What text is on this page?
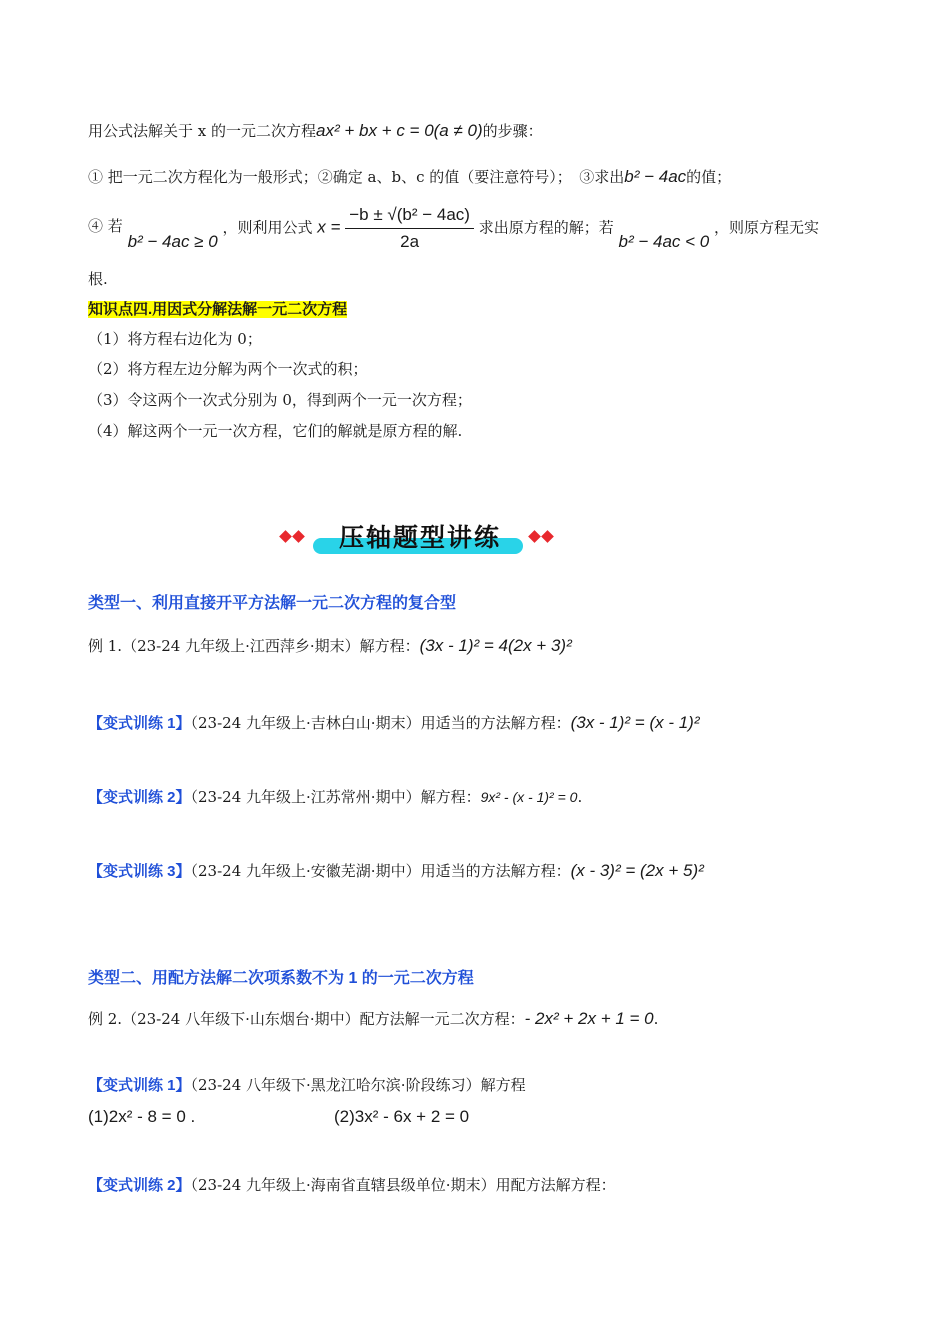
用公式法解关于 x 的一元二次方程ax² + bx + c = 0(a ≠ 0)的步骤：
① 把一元二次方程化为一般形式；②确定 a、b、c 的值（要注意符号）；　③求出b² − 4ac的值；
④ 若 b² − 4ac ≥ 0 ，则利用公式 $x = \frac{\text{−b ± √(b² − 4ac)}}{2a}$ 求出原方程的解；若 b² − 4ac < 0 ，则原方程无实
根.
知识点四.用因式分解法解一元二次方程
（1）将方程右边化为 0；
（2）将方程左边分解为两个一次式的积；
（3）令这两个一次式分别为 0，得到两个一元一次方程；
（4）解这两个一元一次方程，它们的解就是原方程的解.
压轴题型讲练
类型一、利用直接开平方法解一元二次方程的复合型
例 1.（23-24 九年级上·江西萍乡·期末）解方程：(3x - 1)² = 4(2x + 3)²
【变式训练 1】（23-24 九年级上·吉林白山·期末）用适当的方法解方程：(3x - 1)² = (x - 1)²
【变式训练 2】（23-24 九年级上·江苏常州·期中）解方程：9x² - (x - 1)² = 0.
【变式训练 3】（23-24 九年级上·安徽芜湖·期中）用适当的方法解方程：(x - 3)² = (2x + 5)²
类型二、用配方法解二次项系数不为 1 的一元二次方程
例 2.（23-24 八年级下·山东烟台·期中）配方法解一元二次方程：- 2x² + 2x + 1 = 0.
【变式训练 1】（23-24 八年级下·黑龙江哈尔滨·阶段练习）解方程
(1)2x² - 8 = 0 .	(2)3x² - 6x + 2 = 0
【变式训练 2】（23-24 九年级上·海南省直辖县级单位·期末）用配方法解方程：
